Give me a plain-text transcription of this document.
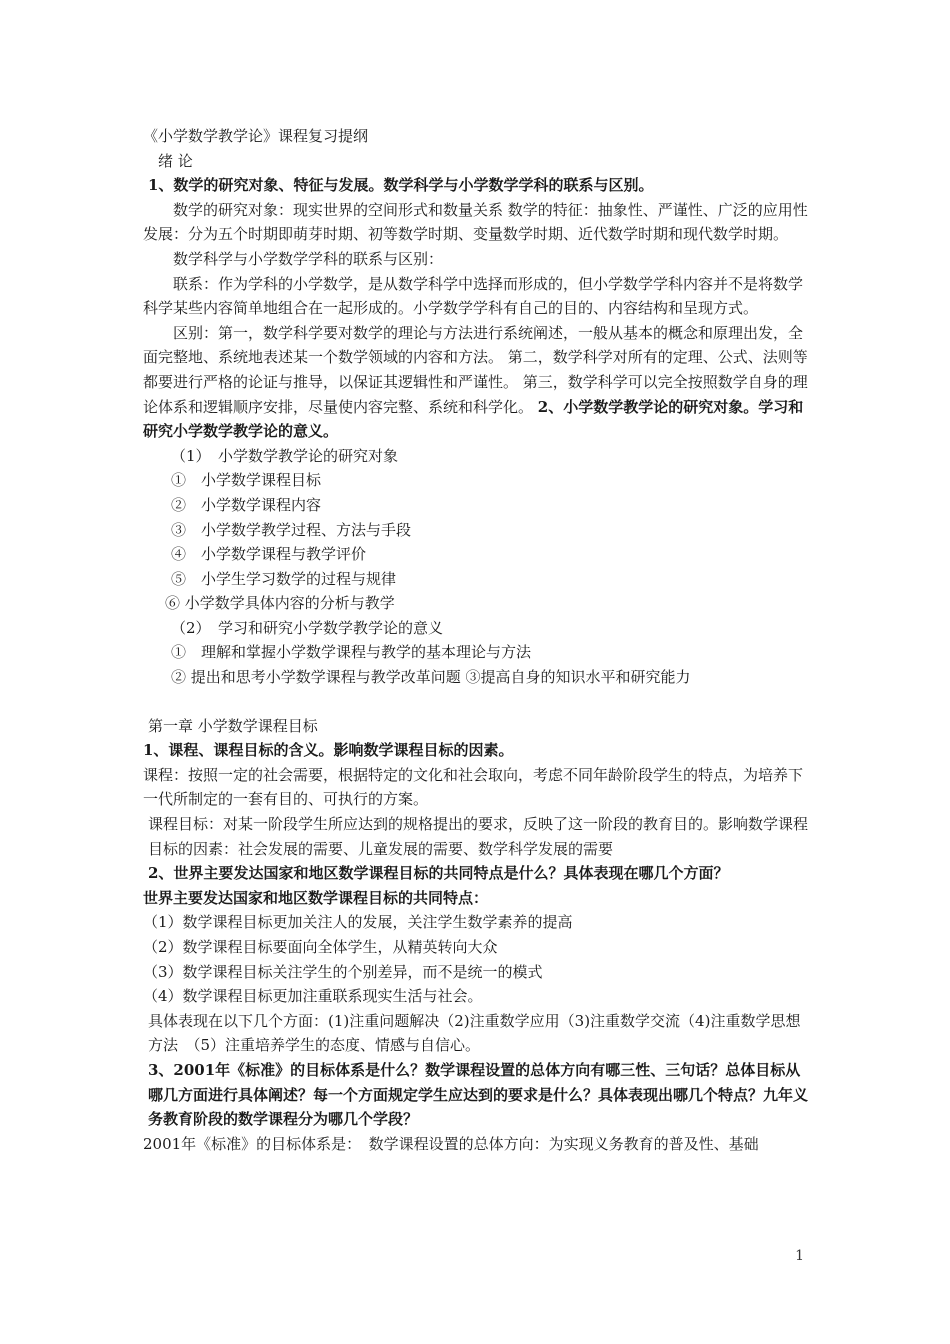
《小学数学教学论》课程复习提纲

绪 论

1、数学的研究对象、特征与发展。数学科学与小学数学学科的联系与区别。

数学的研究对象：现实世界的空间形式和数量关系 数学的特征：抽象性、严谨性、广泛的应用性发展：分为五个时期即萌芽时期、初等数学时期、变量数学时期、近代数学时期和现代数学时期。

数学科学与小学数学学科的联系与区别：

联系：作为学科的小学数学，是从数学科学中选择而形成的，但小学数学学科内容并不是将数学科学某些内容简单地组合在一起形成的。小学数学学科有自己的目的、内容结构和呈现方式。

区别：第一，数学科学要对数学的理论与方法进行系统阐述，一般从基本的概念和原理出发，全面完整地、系统地表述某一个数学领域的内容和方法。 第二，数学科学对所有的定理、公式、法则等都要进行严格的论证与推导，以保证其逻辑性和严谨性。 第三，数学科学可以完全按照数学自身的理论体系和逻辑顺序安排，尽量使内容完整、系统和科学化。 2、小学数学教学论的研究对象。学习和研究小学数学教学论的意义。

（1）　小学数学教学论的研究对象

①　小学数学课程目标

②　小学数学课程内容

③　小学数学教学过程、方法与手段

④　小学数学课程与教学评价

⑤　小学生学习数学的过程与规律

⑥ 小学数学具体内容的分析与教学

（2）　学习和研究小学数学教学论的意义

①　理解和掌握小学数学课程与教学的基本理论与方法

② 提出和思考小学数学课程与教学改革问题 ③提高自身的知识水平和研究能力

第一章 小学数学课程目标

1、课程、课程目标的含义。影响数学课程目标的因素。

课程：按照一定的社会需要，根据特定的文化和社会取向，考虑不同年龄阶段学生的特点，为培养下一代所制定的一套有目的、可执行的方案。

课程目标：对某一阶段学生所应达到的规格提出的要求，反映了这一阶段的教育目的。影响数学课程目标的因素：社会发展的需要、儿童发展的需要、数学科学发展的需要

2、世界主要发达国家和地区数学课程目标的共同特点是什么？具体表现在哪几个方面？

世界主要发达国家和地区数学课程目标的共同特点：

（1）数学课程目标更加关注人的发展，关注学生数学素养的提高

（2）数学课程目标要面向全体学生，从精英转向大众

（3）数学课程目标关注学生的个别差异，而不是统一的模式

（4）数学课程目标更加注重联系现实生活与社会。

具体表现在以下几个方面：(1)注重问题解决（2)注重数学应用（3)注重数学交流（4)注重数学思想方法　（5）注重培养学生的态度、情感与自信心。

3、2001年《标准》的目标体系是什么？数学课程设置的总体方向有哪三性、三句话？总体目标从哪几方面进行具体阐述？每一个方面规定学生应达到的要求是什么？具体表现出哪几个特点？九年义务教育阶段的数学课程分为哪几个学段？

2001年《标准》的目标体系是：　数学课程设置的总体方向：为实现义务教育的普及性、基础

1
